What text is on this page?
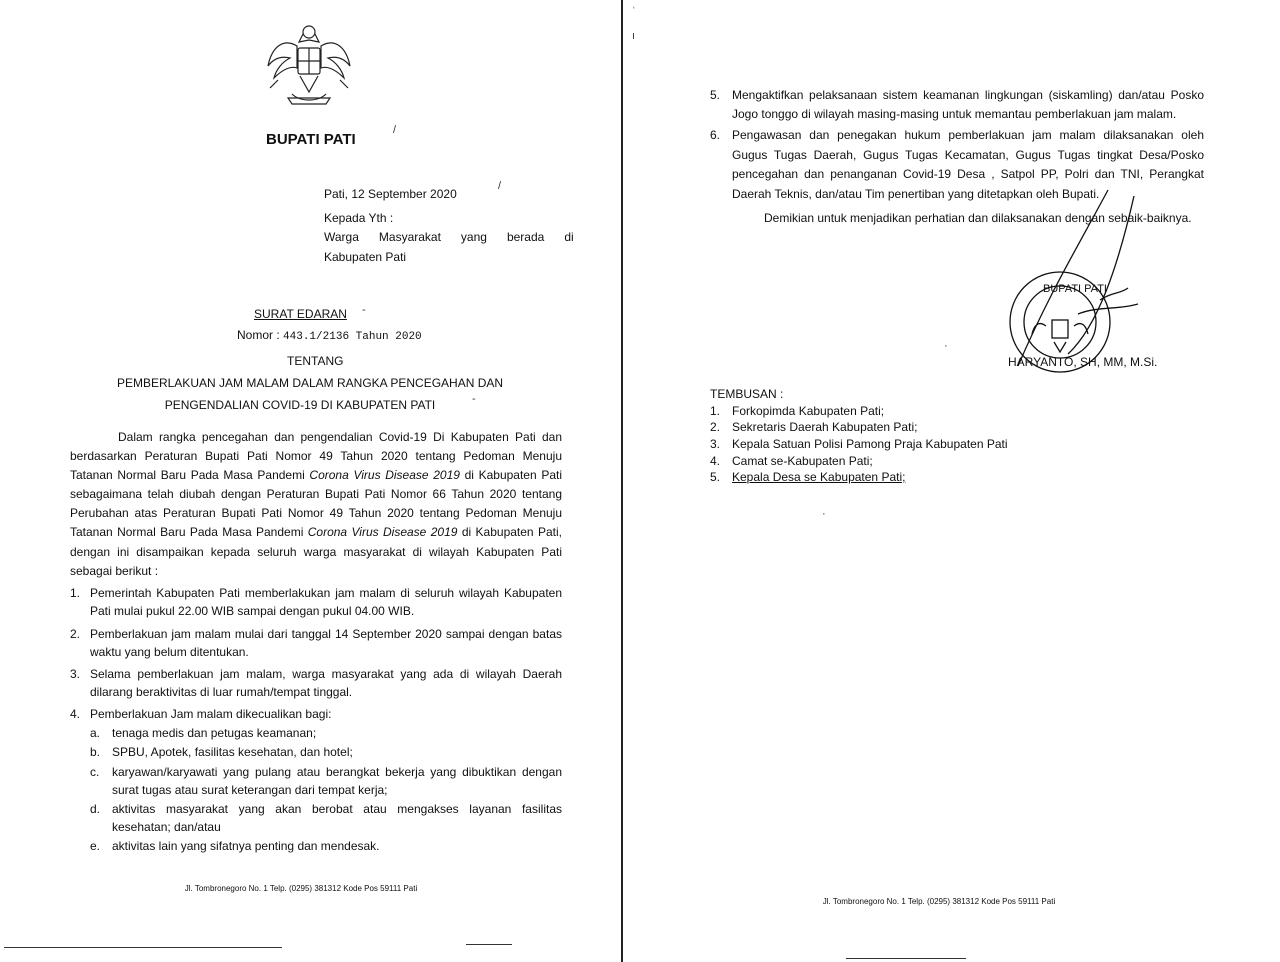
BUPATI PATI
Pati, 12 September 2020
Kepada Yth :
Warga      Masyarakat      yang      berada      di
Kabupaten Pati
SURAT EDARAN
Nomor : 443.1/2136 Tahun 2020
TENTANG
PEMBERLAKUAN JAM MALAM DALAM RANGKA PENCEGAHAN DAN
PENGENDALIAN COVID-19 DI KABUPATEN PATI

Dalam rangka pencegahan dan pengendalian Covid-19 Di Kabupaten Pati dan berdasarkan Peraturan Bupati Pati Nomor 49 Tahun 2020 tentang Pedoman Menuju Tatanan Normal Baru Pada Masa Pandemi Corona Virus Disease 2019 di Kabupaten Pati sebagaimana telah diubah dengan Peraturan Bupati Pati Nomor 66 Tahun 2020 tentang Perubahan atas Peraturan Bupati Pati Nomor 49 Tahun 2020 tentang Pedoman Menuju Tatanan Normal Baru Pada Masa Pandemi Corona Virus Disease 2019 di Kabupaten Pati, dengan ini disampaikan kepada seluruh warga masyarakat di wilayah Kabupaten Pati sebagai berikut :

1. Pemerintah Kabupaten Pati memberlakukan jam malam di seluruh wilayah Kabupaten Pati mulai pukul 22.00 WIB sampai dengan pukul 04.00 WIB.
2. Pemberlakuan jam malam mulai dari tanggal 14 September 2020 sampai dengan batas waktu yang belum ditentukan.
3. Selama pemberlakuan jam malam, warga masyarakat yang ada di wilayah Daerah dilarang beraktivitas di luar rumah/tempat tinggal.
4. Pemberlakuan Jam malam dikecualikan bagi:
a. tenaga medis dan petugas keamanan;
b. SPBU, Apotek, fasilitas kesehatan, dan hotel;
c. karyawan/karyawati yang pulang atau berangkat bekerja yang dibuktikan dengan surat tugas atau surat keterangan dari tempat kerja;
d. aktivitas masyarakat yang akan berobat atau mengakses layanan fasilitas kesehatan; dan/atau
e. aktivitas lain yang sifatnya penting dan mendesak.
Jl. Tombronegoro No. 1 Telp. (0295) 381312 Kode Pos 59111 Pati
/
/
-
-
5. Mengaktifkan pelaksanaan sistem keamanan lingkungan (siskamling) dan/atau Posko Jogo tonggo di wilayah masing-masing untuk memantau pemberlakuan jam malam.
6. Pengawasan dan penegakan hukum pemberlakuan jam malam dilaksanakan oleh Gugus Tugas Daerah, Gugus Tugas Kecamatan, Gugus Tugas tingkat Desa/Posko pencegahan dan penanganan Covid-19 Desa , Satpol PP, Polri dan TNI, Perangkat Daerah Teknis, dan/atau Tim penertiban yang ditetapkan oleh Bupati.
Demikian untuk menjadikan perhatian dan dilaksanakan dengan sebaik-baiknya.
BUPATI PATI
HARYANTO, SH, MM, M.Si.
TEMBUSAN :
1. Forkopimda Kabupaten Pati;
2. Sekretaris Daerah Kabupaten Pati;
3. Kepala Satuan Polisi Pamong Praja Kabupaten Pati
4. Camat se-Kabupaten Pati;
5. Kepala Desa se Kabupaten Pati;
Jl. Tombronegoro No. 1 Telp. (0295) 381312 Kode Pos 59111 Pati
ˈ
ı
·
·
